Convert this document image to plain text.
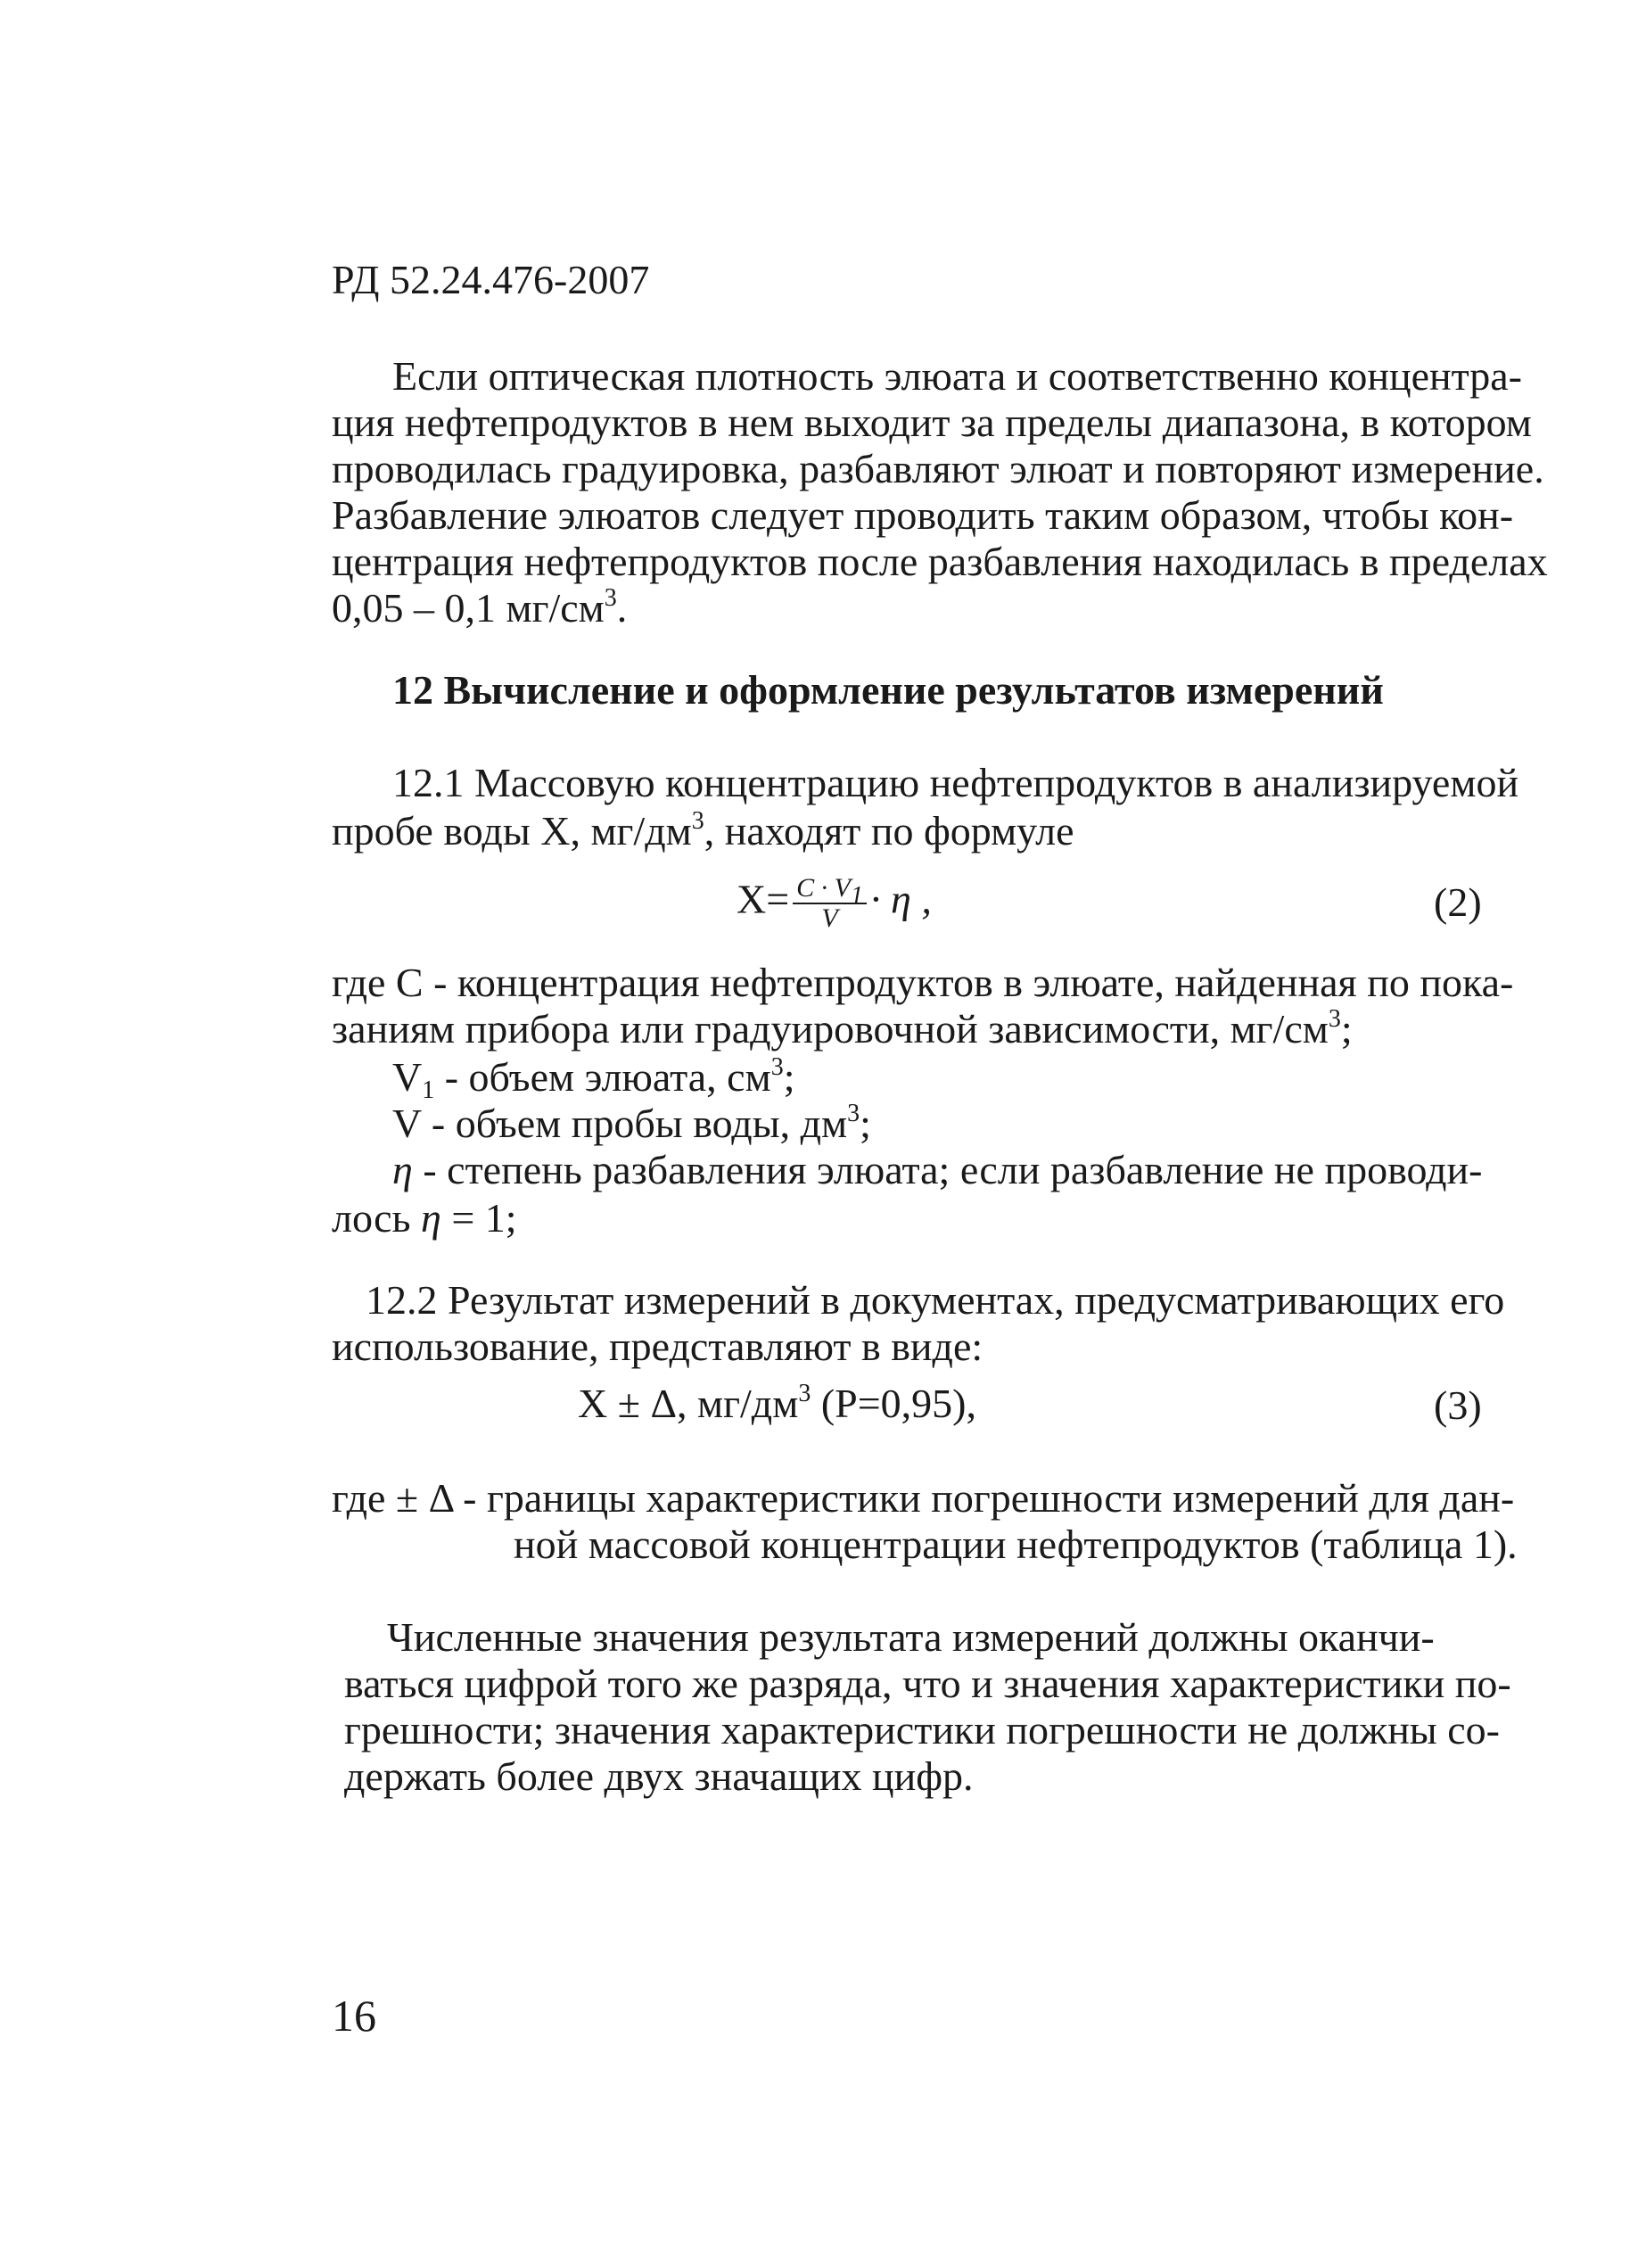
РД 52.24.476-2007
Если оптическая плотность элюата и соответственно концентра-
ция нефтепродуктов в нем выходит за пределы диапазона, в котором
проводилась градуировка, разбавляют элюат и повторяют измерение.
Разбавление элюатов следует проводить таким образом, чтобы кон-
центрация нефтепродуктов после разбавления находилась в пределах
0,05 – 0,1 $мг/см^3$.
12 Вычисление и оформление результатов измерений
12.1 Массовую концентрацию нефтепродуктов в анализируемой
пробе воды Х, $мг/дм^3$, находят по формуле
$Х= \frac{C \cdot V_1}{V} \cdot \eta$ ,	(2)
где С - концентрация нефтепродуктов в элюате, найденная по пока-
заниям прибора или градуировочной зависимости, $мг/см^3$;
$V_1$ - объем элюата, $см^3$;
V - объем пробы воды, $дм^3$;
η - степень разбавления элюата; если разбавление не проводи-
лось η = 1;
12.2 Результат измерений в документах, предусматривающих его
использование, представляют в виде:
Х ± Δ, $мг/дм^3$ (Р=0,95),	(3)
где ± Δ - границы характеристики погрешности измерений для дан-
ной массовой концентрации нефтепродуктов (таблица 1).
Численные значения результата измерений должны оканчи-
ваться цифрой того же разряда, что и значения характеристики по-
грешности; значения характеристики погрешности не должны со-
держать более двух значащих цифр.
16
